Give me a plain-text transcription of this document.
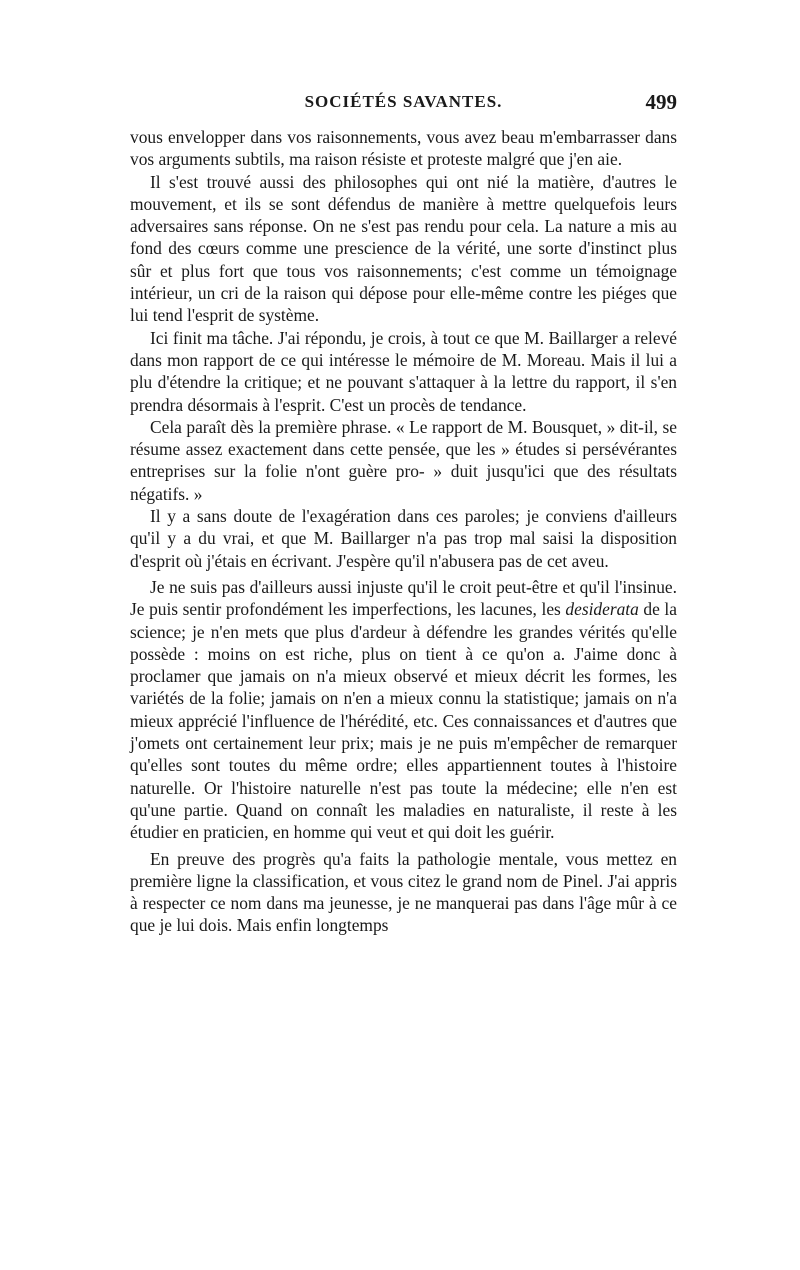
SOCIÉTÉS SAVANTES.	499

vous envelopper dans vos raisonnements, vous avez beau m'embarrasser dans vos arguments subtils, ma raison résiste et proteste malgré que j'en aie.

Il s'est trouvé aussi des philosophes qui ont nié la matière, d'autres le mouvement, et ils se sont défendus de manière à mettre quelquefois leurs adversaires sans réponse. On ne s'est pas rendu pour cela. La nature a mis au fond des cœurs comme une prescience de la vérité, une sorte d'instinct plus sûr et plus fort que tous vos raisonnements; c'est comme un témoignage intérieur, un cri de la raison qui dépose pour elle-même contre les piéges que lui tend l'esprit de système.

Ici finit ma tâche. J'ai répondu, je crois, à tout ce que M. Baillarger a relevé dans mon rapport de ce qui intéresse le mémoire de M. Moreau. Mais il lui a plu d'étendre la critique; et ne pouvant s'attaquer à la lettre du rapport, il s'en prendra désormais à l'esprit. C'est un procès de tendance.

Cela paraît dès la première phrase. « Le rapport de M. Bousquet, » dit-il, se résume assez exactement dans cette pensée, que les » études si persévérantes entreprises sur la folie n'ont guère pro- » duit jusqu'ici que des résultats négatifs. »

Il y a sans doute de l'exagération dans ces paroles; je conviens d'ailleurs qu'il y a du vrai, et que M. Baillarger n'a pas trop mal saisi la disposition d'esprit où j'étais en écrivant. J'espère qu'il n'abusera pas de cet aveu.

Je ne suis pas d'ailleurs aussi injuste qu'il le croit peut-être et qu'il l'insinue. Je puis sentir profondément les imperfections, les lacunes, les desiderata de la science; je n'en mets que plus d'ardeur à défendre les grandes vérités qu'elle possède : moins on est riche, plus on tient à ce qu'on a. J'aime donc à proclamer que jamais on n'a mieux observé et mieux décrit les formes, les variétés de la folie; jamais on n'en a mieux connu la statistique; jamais on n'a mieux apprécié l'influence de l'hérédité, etc. Ces connaissances et d'autres que j'omets ont certainement leur prix; mais je ne puis m'empêcher de remarquer qu'elles sont toutes du même ordre; elles appartiennent toutes à l'histoire naturelle. Or l'histoire naturelle n'est pas toute la médecine; elle n'en est qu'une partie. Quand on connaît les maladies en naturaliste, il reste à les étudier en praticien, en homme qui veut et qui doit les guérir.

En preuve des progrès qu'a faits la pathologie mentale, vous mettez en première ligne la classification, et vous citez le grand nom de Pinel. J'ai appris à respecter ce nom dans ma jeunesse, je ne manquerai pas dans l'âge mûr à ce que je lui dois. Mais enfin longtemps
